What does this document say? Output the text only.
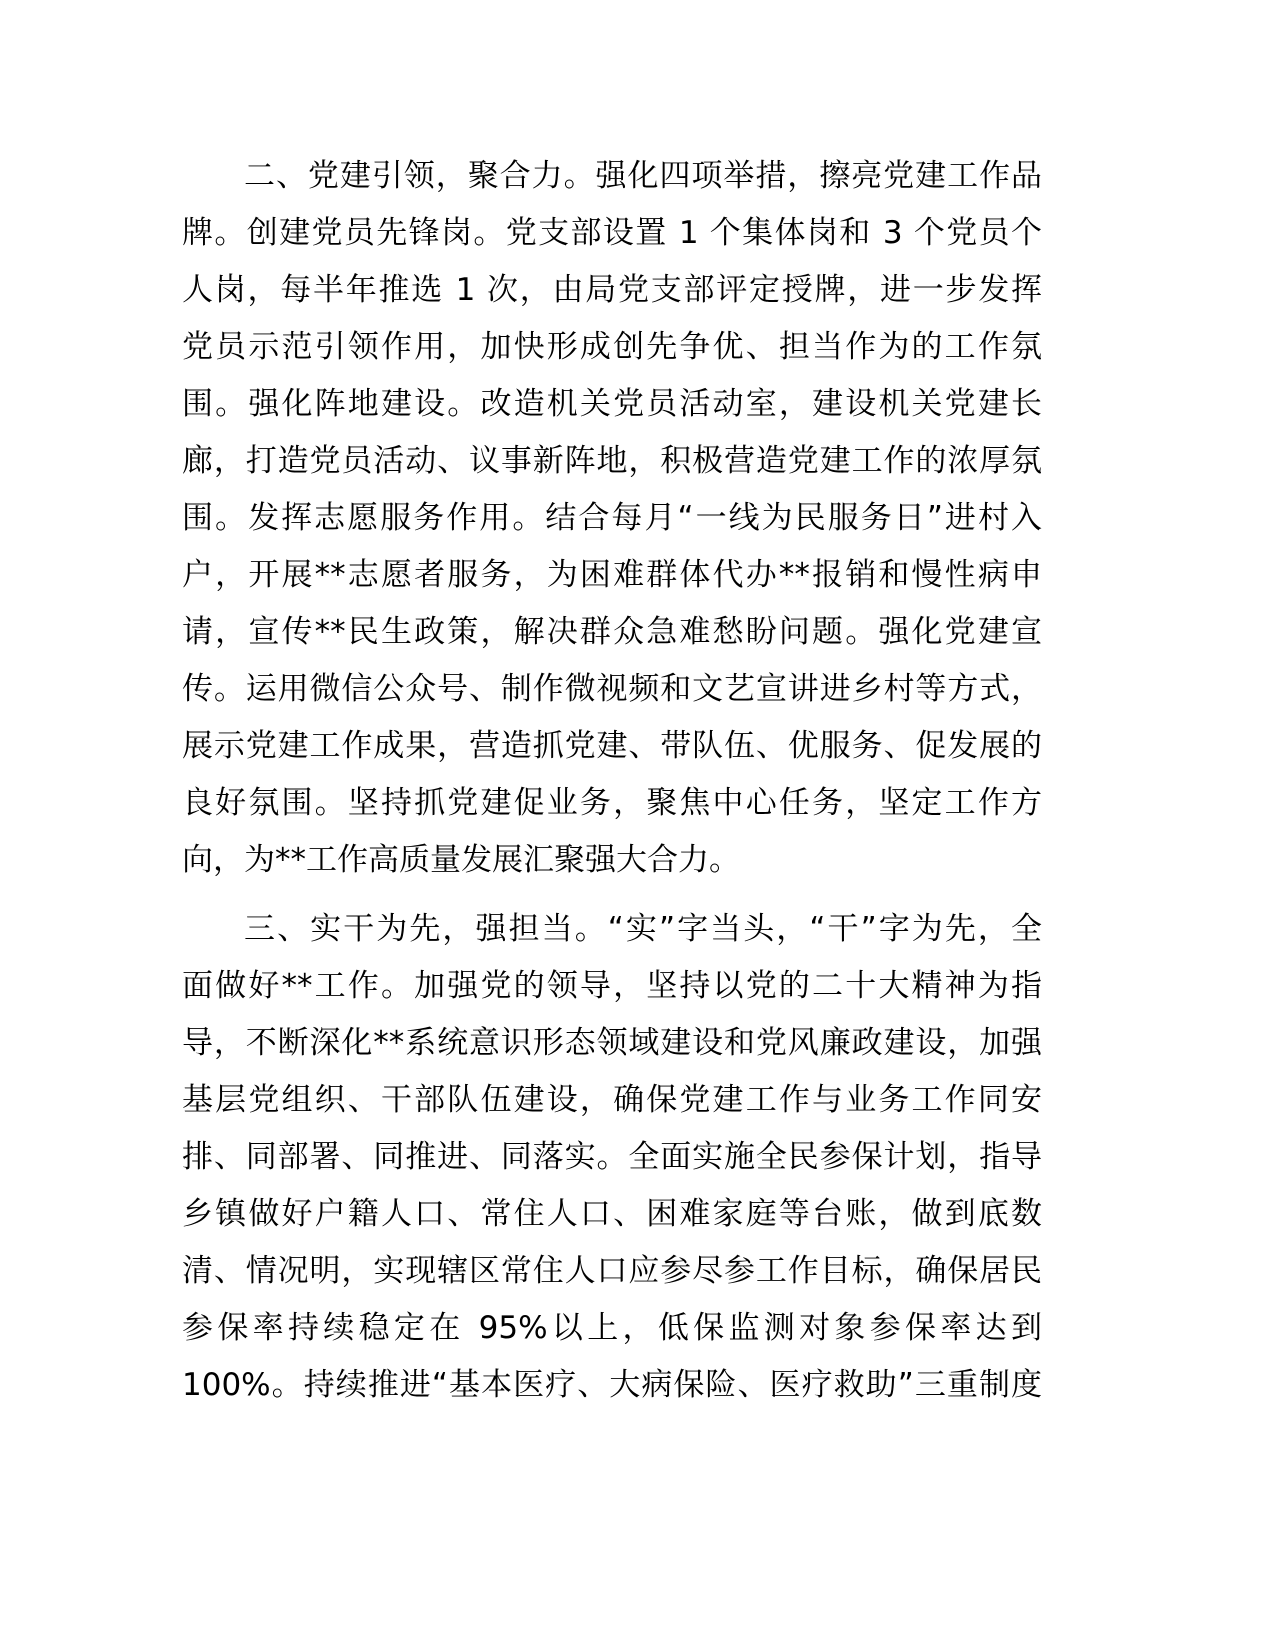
二、党建引领，聚合力。强化四项举措，擦亮党建工作品
牌。创建党员先锋岗。党支部设置 1 个集体岗和 3 个党员个
人岗，每半年推选 1 次，由局党支部评定授牌，进一步发挥
党员示范引领作用，加快形成创先争优、担当作为的工作氛
围。强化阵地建设。改造机关党员活动室，建设机关党建长
廊，打造党员活动、议事新阵地，积极营造党建工作的浓厚氛
围。发挥志愿服务作用。结合每月“一线为民服务日”进村入
户，开展**志愿者服务，为困难群体代办**报销和慢性病申
请，宣传**民生政策，解决群众急难愁盼问题。强化党建宣
传。运用微信公众号、制作微视频和文艺宣讲进乡村等方式，
展示党建工作成果，营造抓党建、带队伍、优服务、促发展的
良好氛围。坚持抓党建促业务，聚焦中心任务，坚定工作方
向，为**工作高质量发展汇聚强大合力。
三、实干为先，强担当。“实”字当头，“干”字为先，全
面做好**工作。加强党的领导，坚持以党的二十大精神为指
导，不断深化**系统意识形态领域建设和党风廉政建设，加强
基层党组织、干部队伍建设，确保党建工作与业务工作同安
排、同部署、同推进、同落实。全面实施全民参保计划，指导
乡镇做好户籍人口、常住人口、困难家庭等台账，做到底数
清、情况明，实现辖区常住人口应参尽参工作目标，确保居民
参保率持续稳定在 95%以上，低保监测对象参保率达到
100%。持续推进“基本医疗、大病保险、医疗救助”三重制度
